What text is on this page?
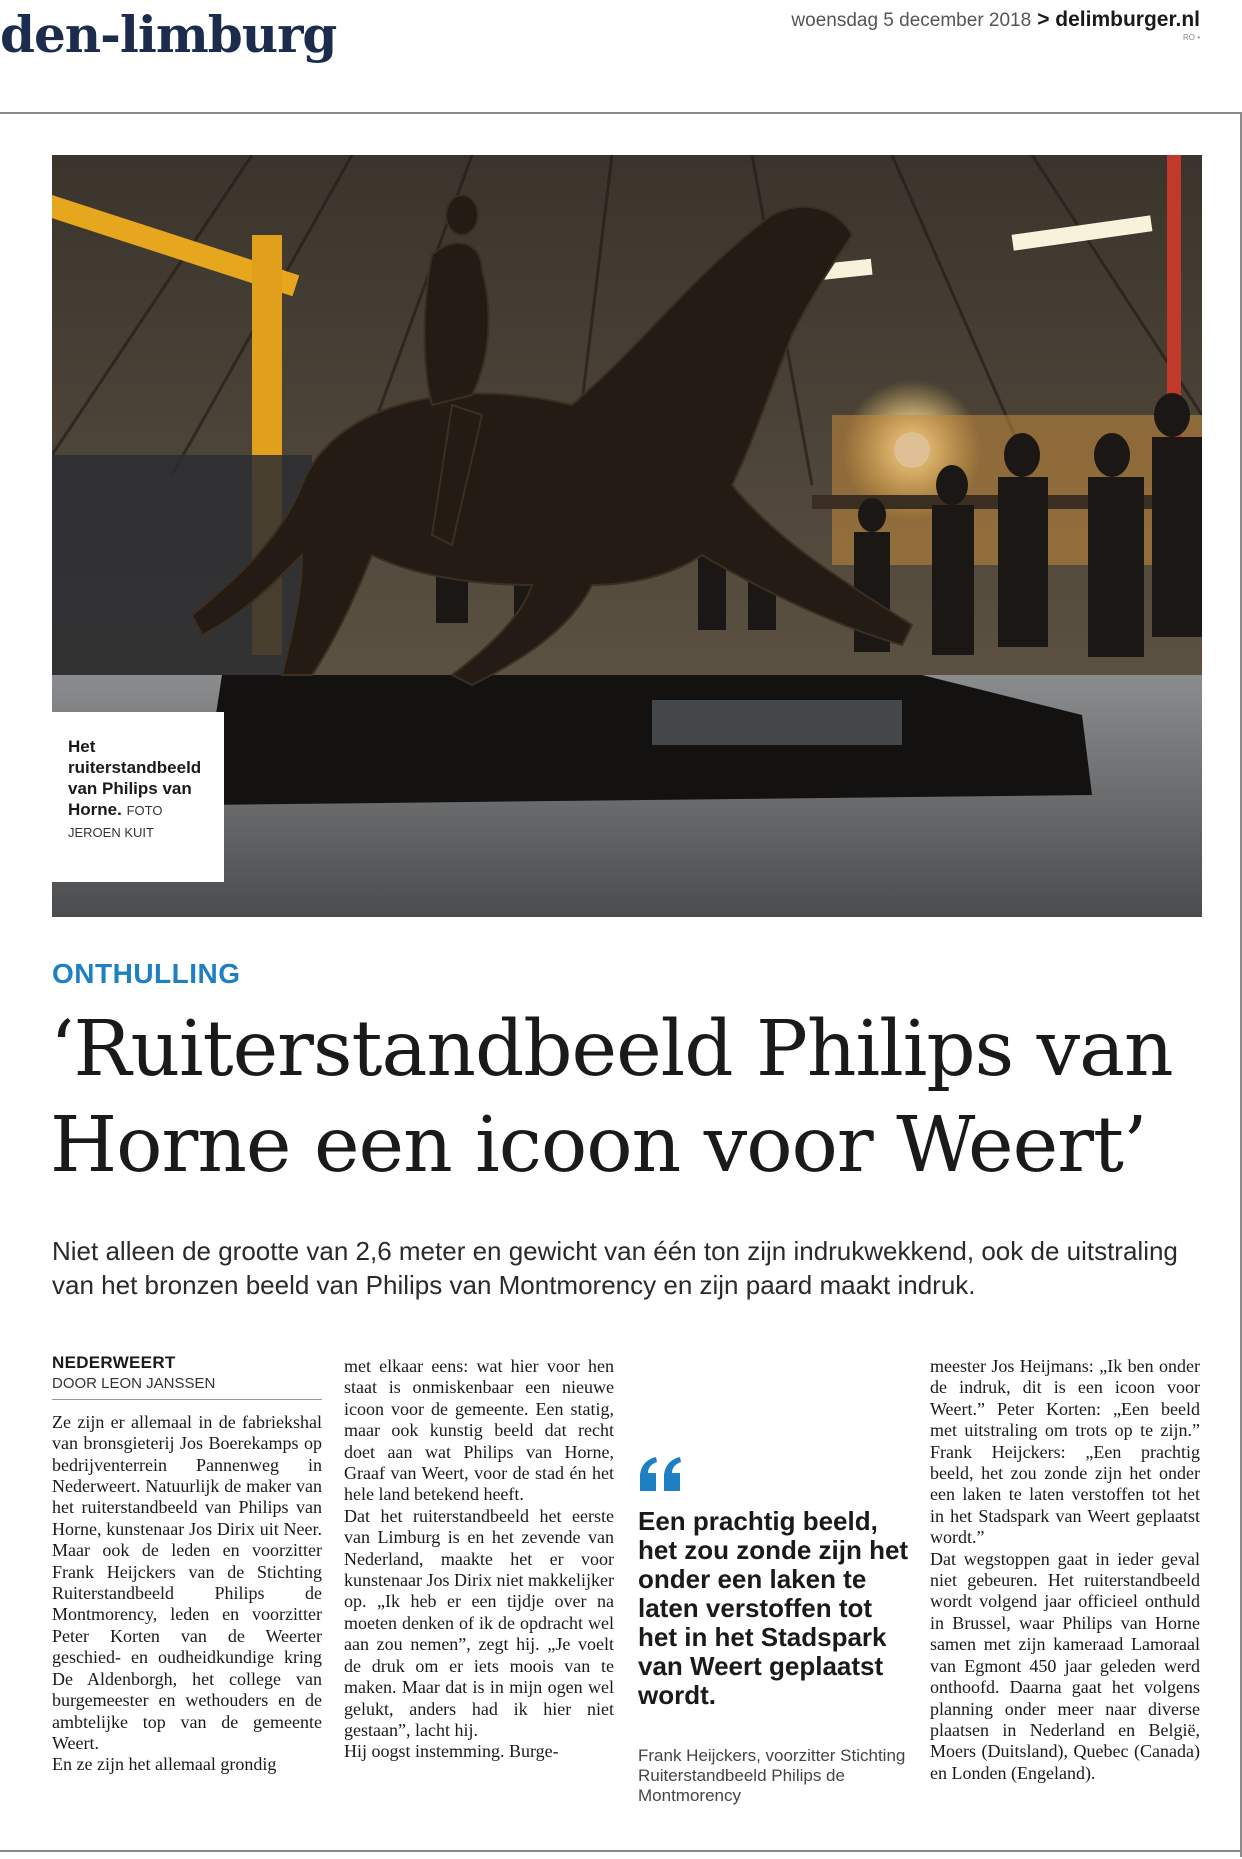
den-limburg	woensdag 5 december 2018 > delimburger.nl
RO •
Het ruiterstandbeeld van Philips van Horne. FOTO JEROEN KUIT
ONTHULLING
‘Ruiterstandbeeld Philips van
Horne een icoon voor Weert’

Niet alleen de grootte van 2,6 meter en gewicht van één ton zijn indrukwekkend, ook de uitstraling van het bronzen beeld van Philips van Montmorency en zijn paard maakt indruk.

NEDERWEERT

DOOR LEON JANSSEN

Ze zijn er allemaal in de fabriekshal van bronsgieterij Jos Boerekamps op bedrijventerrein Pannenweg in Nederweert. Natuurlijk de maker van het ruiterstandbeeld van Philips van Horne, kunstenaar Jos Dirix uit Neer. Maar ook de leden en voorzitter Frank Heijckers van de Stichting Ruiterstandbeeld Philips de Montmorency, leden en voorzitter Peter Korten van de Weerter geschied- en oudheidkundige kring De Aldenborgh, het college van burgemeester en wethouders en de ambtelijke top van de gemeente Weert.

En ze zijn het allemaal grondig

met elkaar eens: wat hier voor hen staat is onmiskenbaar een nieuwe icoon voor de gemeente. Een statig, maar ook kunstig beeld dat recht doet aan wat Philips van Horne, Graaf van Weert, voor de stad én het hele land betekend heeft.

Dat het ruiterstandbeeld het eerste van Limburg is en het zevende van Nederland, maakte het er voor kunstenaar Jos Dirix niet makkelijker op. „Ik heb er een tijdje over na moeten denken of ik de opdracht wel aan zou nemen”, zegt hij. „Je voelt de druk om er iets moois van te maken. Maar dat is in mijn ogen wel gelukt, anders had ik hier niet gestaan”, lacht hij.

Hij oogst instemming. Burge-

Een prachtig beeld, het zou zonde zijn het onder een laken te laten verstoffen tot het in het Stadspark van Weert geplaatst wordt.

Frank Heijckers, voorzitter Stichting Ruiterstandbeeld Philips de Montmorency

meester Jos Heijmans: „Ik ben onder de indruk, dit is een icoon voor Weert.” Peter Korten: „Een beeld met uitstraling om trots op te zijn.” Frank Heijckers: „Een prachtig beeld, het zou zonde zijn het onder een laken te laten verstoffen tot het in het Stadspark van Weert geplaatst wordt.”

Dat wegstoppen gaat in ieder geval niet gebeuren. Het ruiterstandbeeld wordt volgend jaar officieel onthuld in Brussel, waar Philips van Horne samen met zijn kameraad Lamoraal van Egmont 450 jaar geleden werd onthoofd. Daarna gaat het volgens planning onder meer naar diverse plaatsen in Nederland en België, Moers (Duitsland), Quebec (Canada) en Londen (Engeland).
